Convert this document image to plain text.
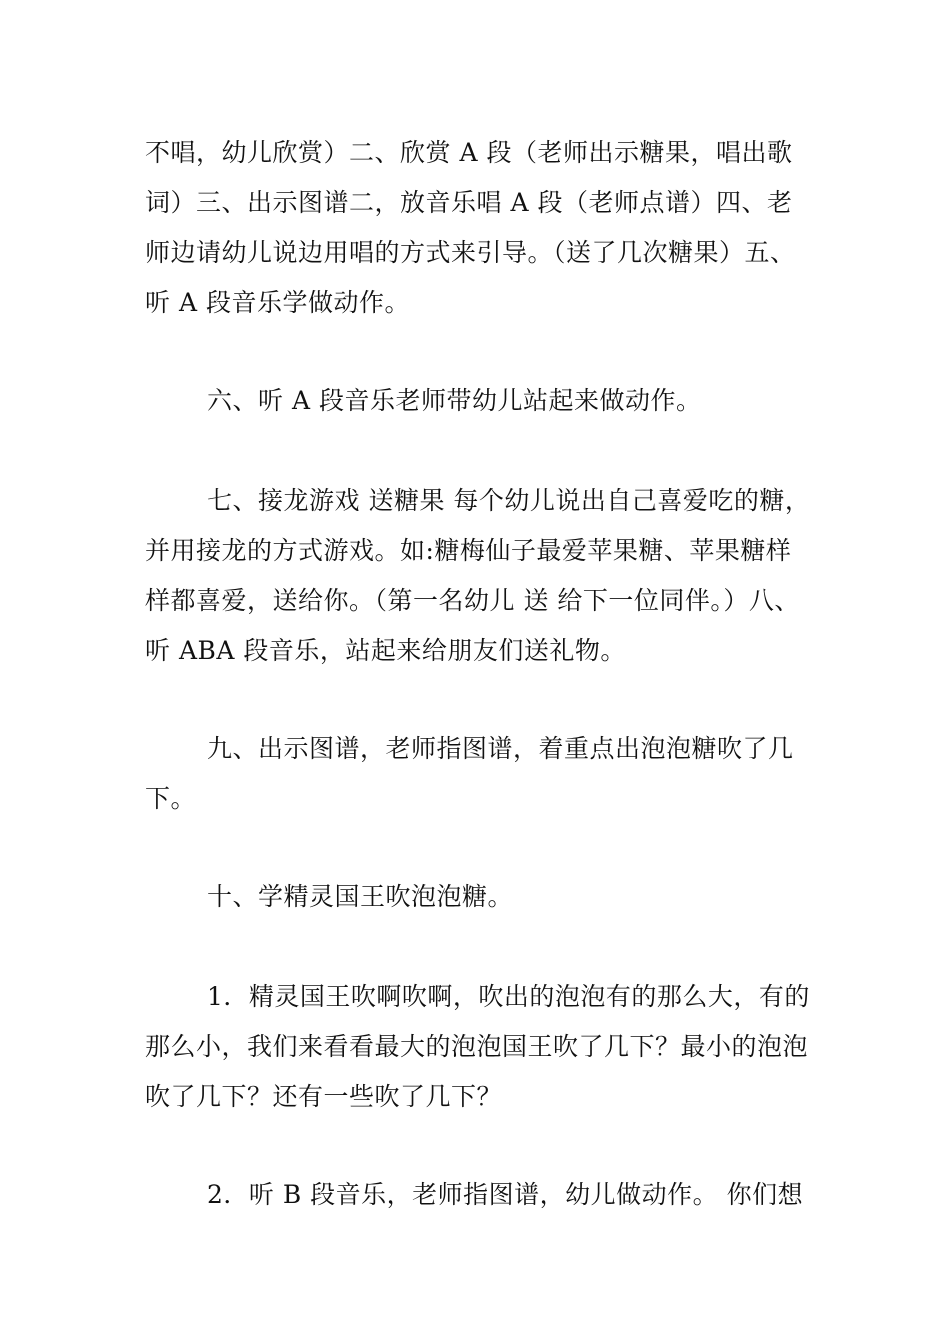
不唱，幼儿欣赏）二、欣赏 A 段（老师出示糖果，唱出歌词）三、出示图谱二，放音乐唱 A 段（老师点谱）四、老师边请幼儿说边用唱的方式来引导。（送了几次糖果）五、听 A 段音乐学做动作。

六、听 A 段音乐老师带幼儿站起来做动作。

七、接龙游戏 送糖果 每个幼儿说出自己喜爱吃的糖，并用接龙的方式游戏。如:糖梅仙子最爱苹果糖、苹果糖样样都喜爱，送给你。（第一名幼儿 送 给下一位同伴。）八、听 ABA 段音乐，站起来给朋友们送礼物。

九、出示图谱，老师指图谱，着重点出泡泡糖吹了几下。

十、学精灵国王吹泡泡糖。

1．精灵国王吹啊吹啊，吹出的泡泡有的那么大，有的那么小，我们来看看最大的泡泡国王吹了几下？最小的泡泡吹了几下？还有一些吹了几下？

2．听 B 段音乐，老师指图谱，幼儿做动作。 你们想
